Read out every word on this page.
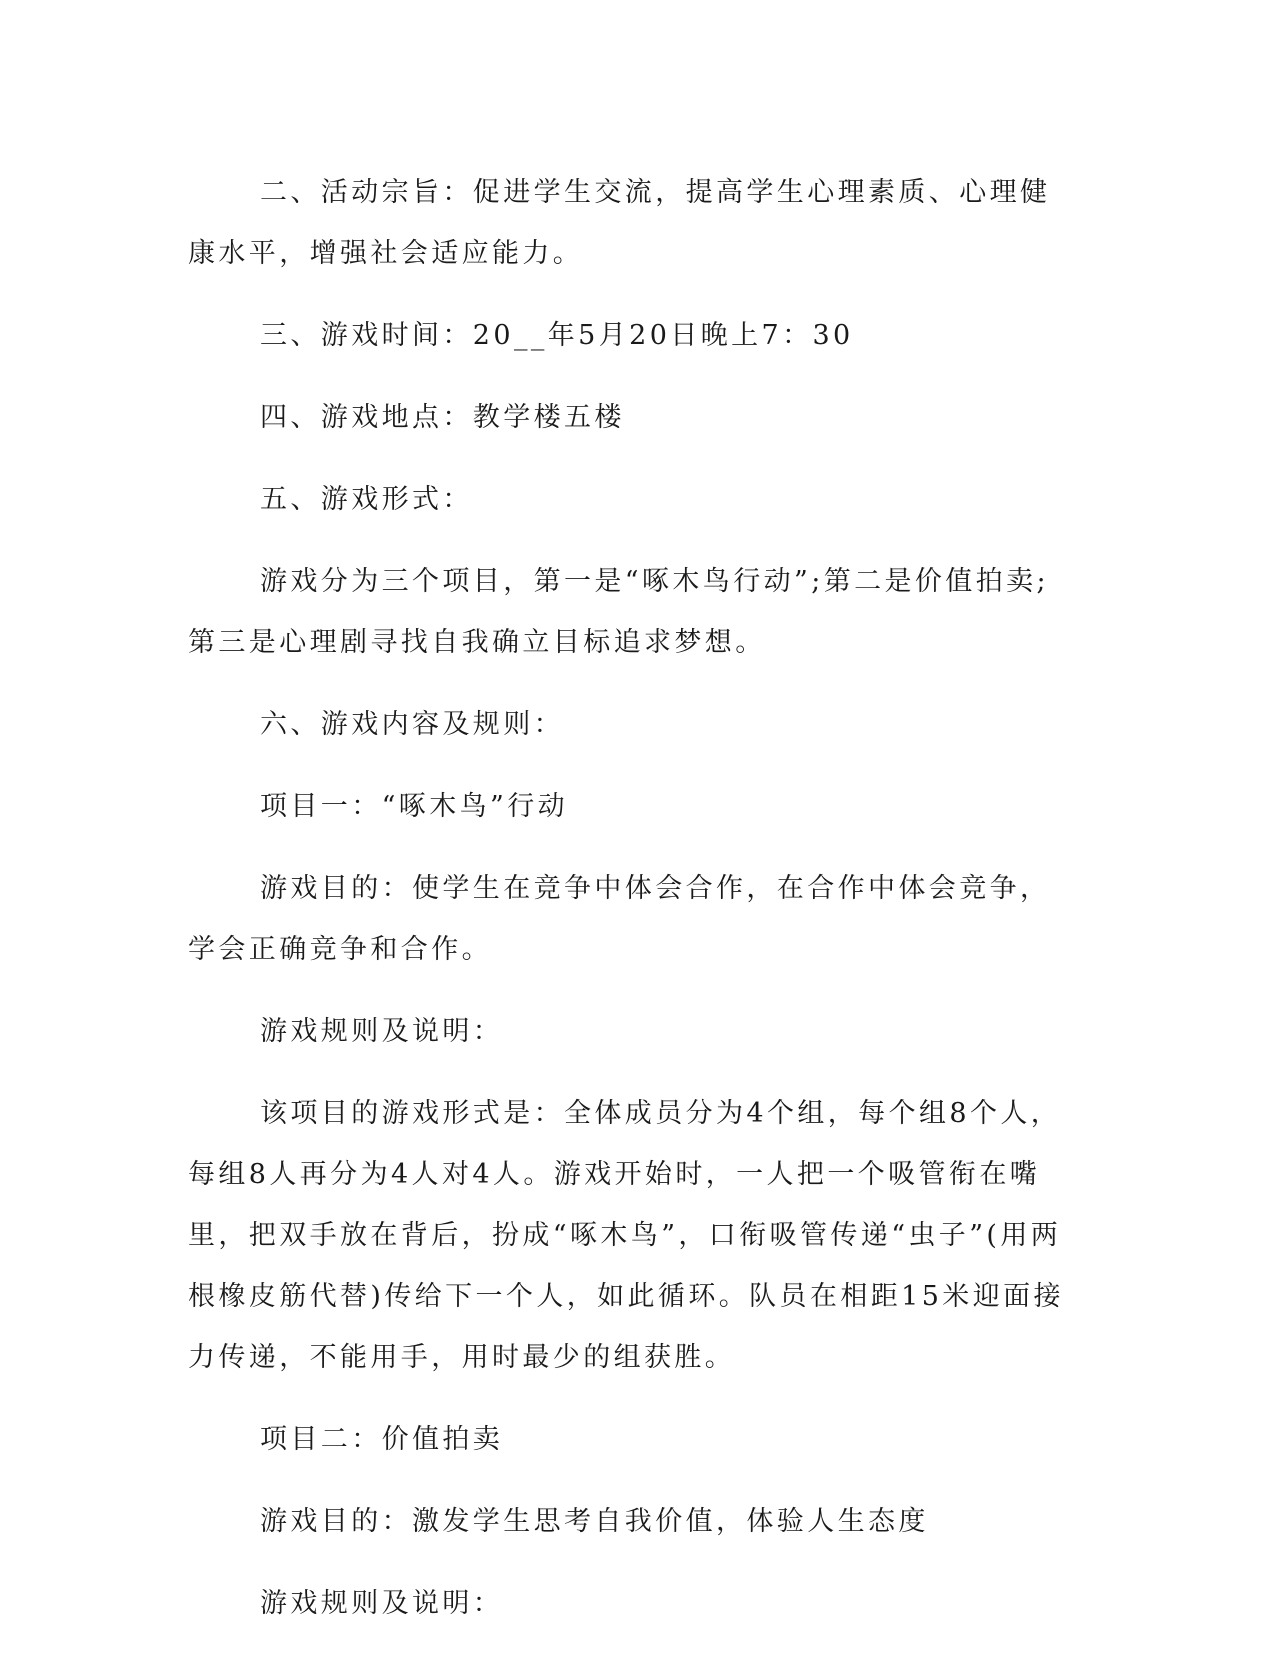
二、活动宗旨：促进学生交流，提高学生心理素质、心理健康水平，增强社会适应能力。

三、游戏时间：20__年5月20日晚上7：30

四、游戏地点：教学楼五楼

五、游戏形式：

游戏分为三个项目，第一是“啄木鸟行动”;第二是价值拍卖;第三是心理剧寻找自我确立目标追求梦想。

六、游戏内容及规则：

项目一：“啄木鸟”行动

游戏目的：使学生在竞争中体会合作，在合作中体会竞争，学会正确竞争和合作。

游戏规则及说明：

该项目的游戏形式是：全体成员分为4个组，每个组8个人，每组8人再分为4人对4人。游戏开始时，一人把一个吸管衔在嘴里，把双手放在背后，扮成“啄木鸟”，口衔吸管传递“虫子”(用两根橡皮筋代替)传给下一个人，如此循环。队员在相距15米迎面接力传递，不能用手，用时最少的组获胜。

项目二：价值拍卖

游戏目的：激发学生思考自我价值，体验人生态度

游戏规则及说明：
